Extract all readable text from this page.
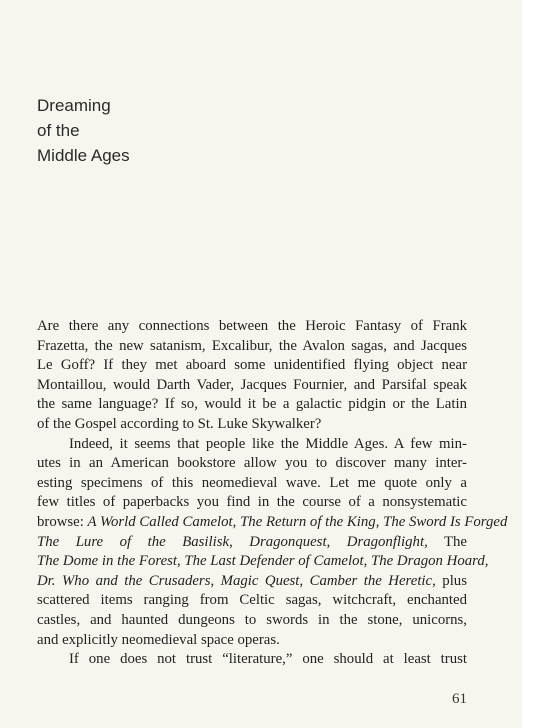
Dreaming
of the
Middle Ages
Are there any connections between the Heroic Fantasy of Frank
Frazetta, the new satanism, Excalibur, the Avalon sagas, and Jacques
Le Goff? If they met aboard some unidentified flying object near
Montaillou, would Darth Vader, Jacques Fournier, and Parsifal speak
the same language? If so, would it be a galactic pidgin or the Latin
of the Gospel according to St. Luke Skywalker?
Indeed, it seems that people like the Middle Ages. A few min-
utes in an American bookstore allow you to discover many inter-
esting specimens of this neomedieval wave. Let me quote only a
few titles of paperbacks you find in the course of a nonsystematic
browse: A World Called Camelot, The Return of the King, The Sword Is Forged
The Lure of the Basilisk, Dragonquest, Dragonflight, The
The Dome in the Forest, The Last Defender of Camelot, The Dragon Hoard,
Dr. Who and the Crusaders, Magic Quest, Camber the Heretic, plus
scattered items ranging from Celtic sagas, witchcraft, enchanted
castles, and haunted dungeons to swords in the stone, unicorns,
and explicitly neomedieval space operas.
If one does not trust “literature,” one should at least trust
61
